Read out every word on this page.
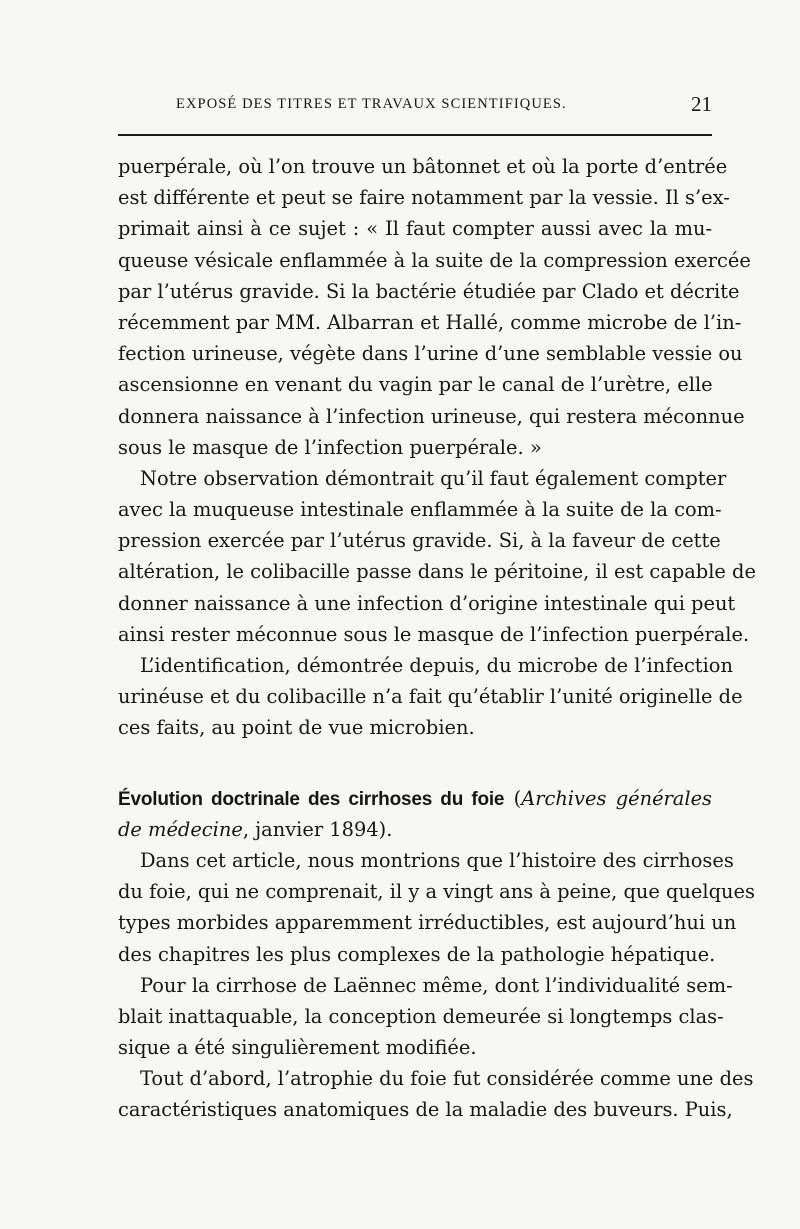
EXPOSÉ DES TITRES ET TRAVAUX SCIENTIFIQUES.	21
puerpérale, où l’on trouve un bâtonnet et où la porte d’entrée
est différente et peut se faire notamment par la vessie. Il s’ex-
primait ainsi à ce sujet : « Il faut compter aussi avec la mu-
queuse vésicale enflammée à la suite de la compression exercée
par l’utérus gravide. Si la bactérie étudiée par Clado et décrite
récemment par MM. Albarran et Hallé, comme microbe de l’in-
fection urineuse, végète dans l’urine d’une semblable vessie ou
ascensionne en venant du vagin par le canal de l’urètre, elle
donnera naissance à l’infection urineuse, qui restera méconnue
sous le masque de l’infection puerpérale. »
Notre observation démontrait qu’il faut également compter
avec la muqueuse intestinale enflammée à la suite de la com-
pression exercée par l’utérus gravide. Si, à la faveur de cette
altération, le colibacille passe dans le péritoine, il est capable de
donner naissance à une infection d’origine intestinale qui peut
ainsi rester méconnue sous le masque de l’infection puerpérale.
L’identification, démontrée depuis, du microbe de l’infection
urinéuse et du colibacille n’a fait qu’établir l’unité originelle de
ces faits, au point de vue microbien.
Évolution doctrinale des cirrhoses du foie (Archives générales
de médecine, janvier 1894).
Dans cet article, nous montrions que l’histoire des cirrhoses
du foie, qui ne comprenait, il y a vingt ans à peine, que quelques
types morbides apparemment irréductibles, est aujourd’hui un
des chapitres les plus complexes de la pathologie hépatique.
Pour la cirrhose de Laënnec même, dont l’individualité sem-
blait inattaquable, la conception demeurée si longtemps clas-
sique a été singulièrement modifiée.
Tout d’abord, l’atrophie du foie fut considérée comme une des
caractéristiques anatomiques de la maladie des buveurs. Puis,
